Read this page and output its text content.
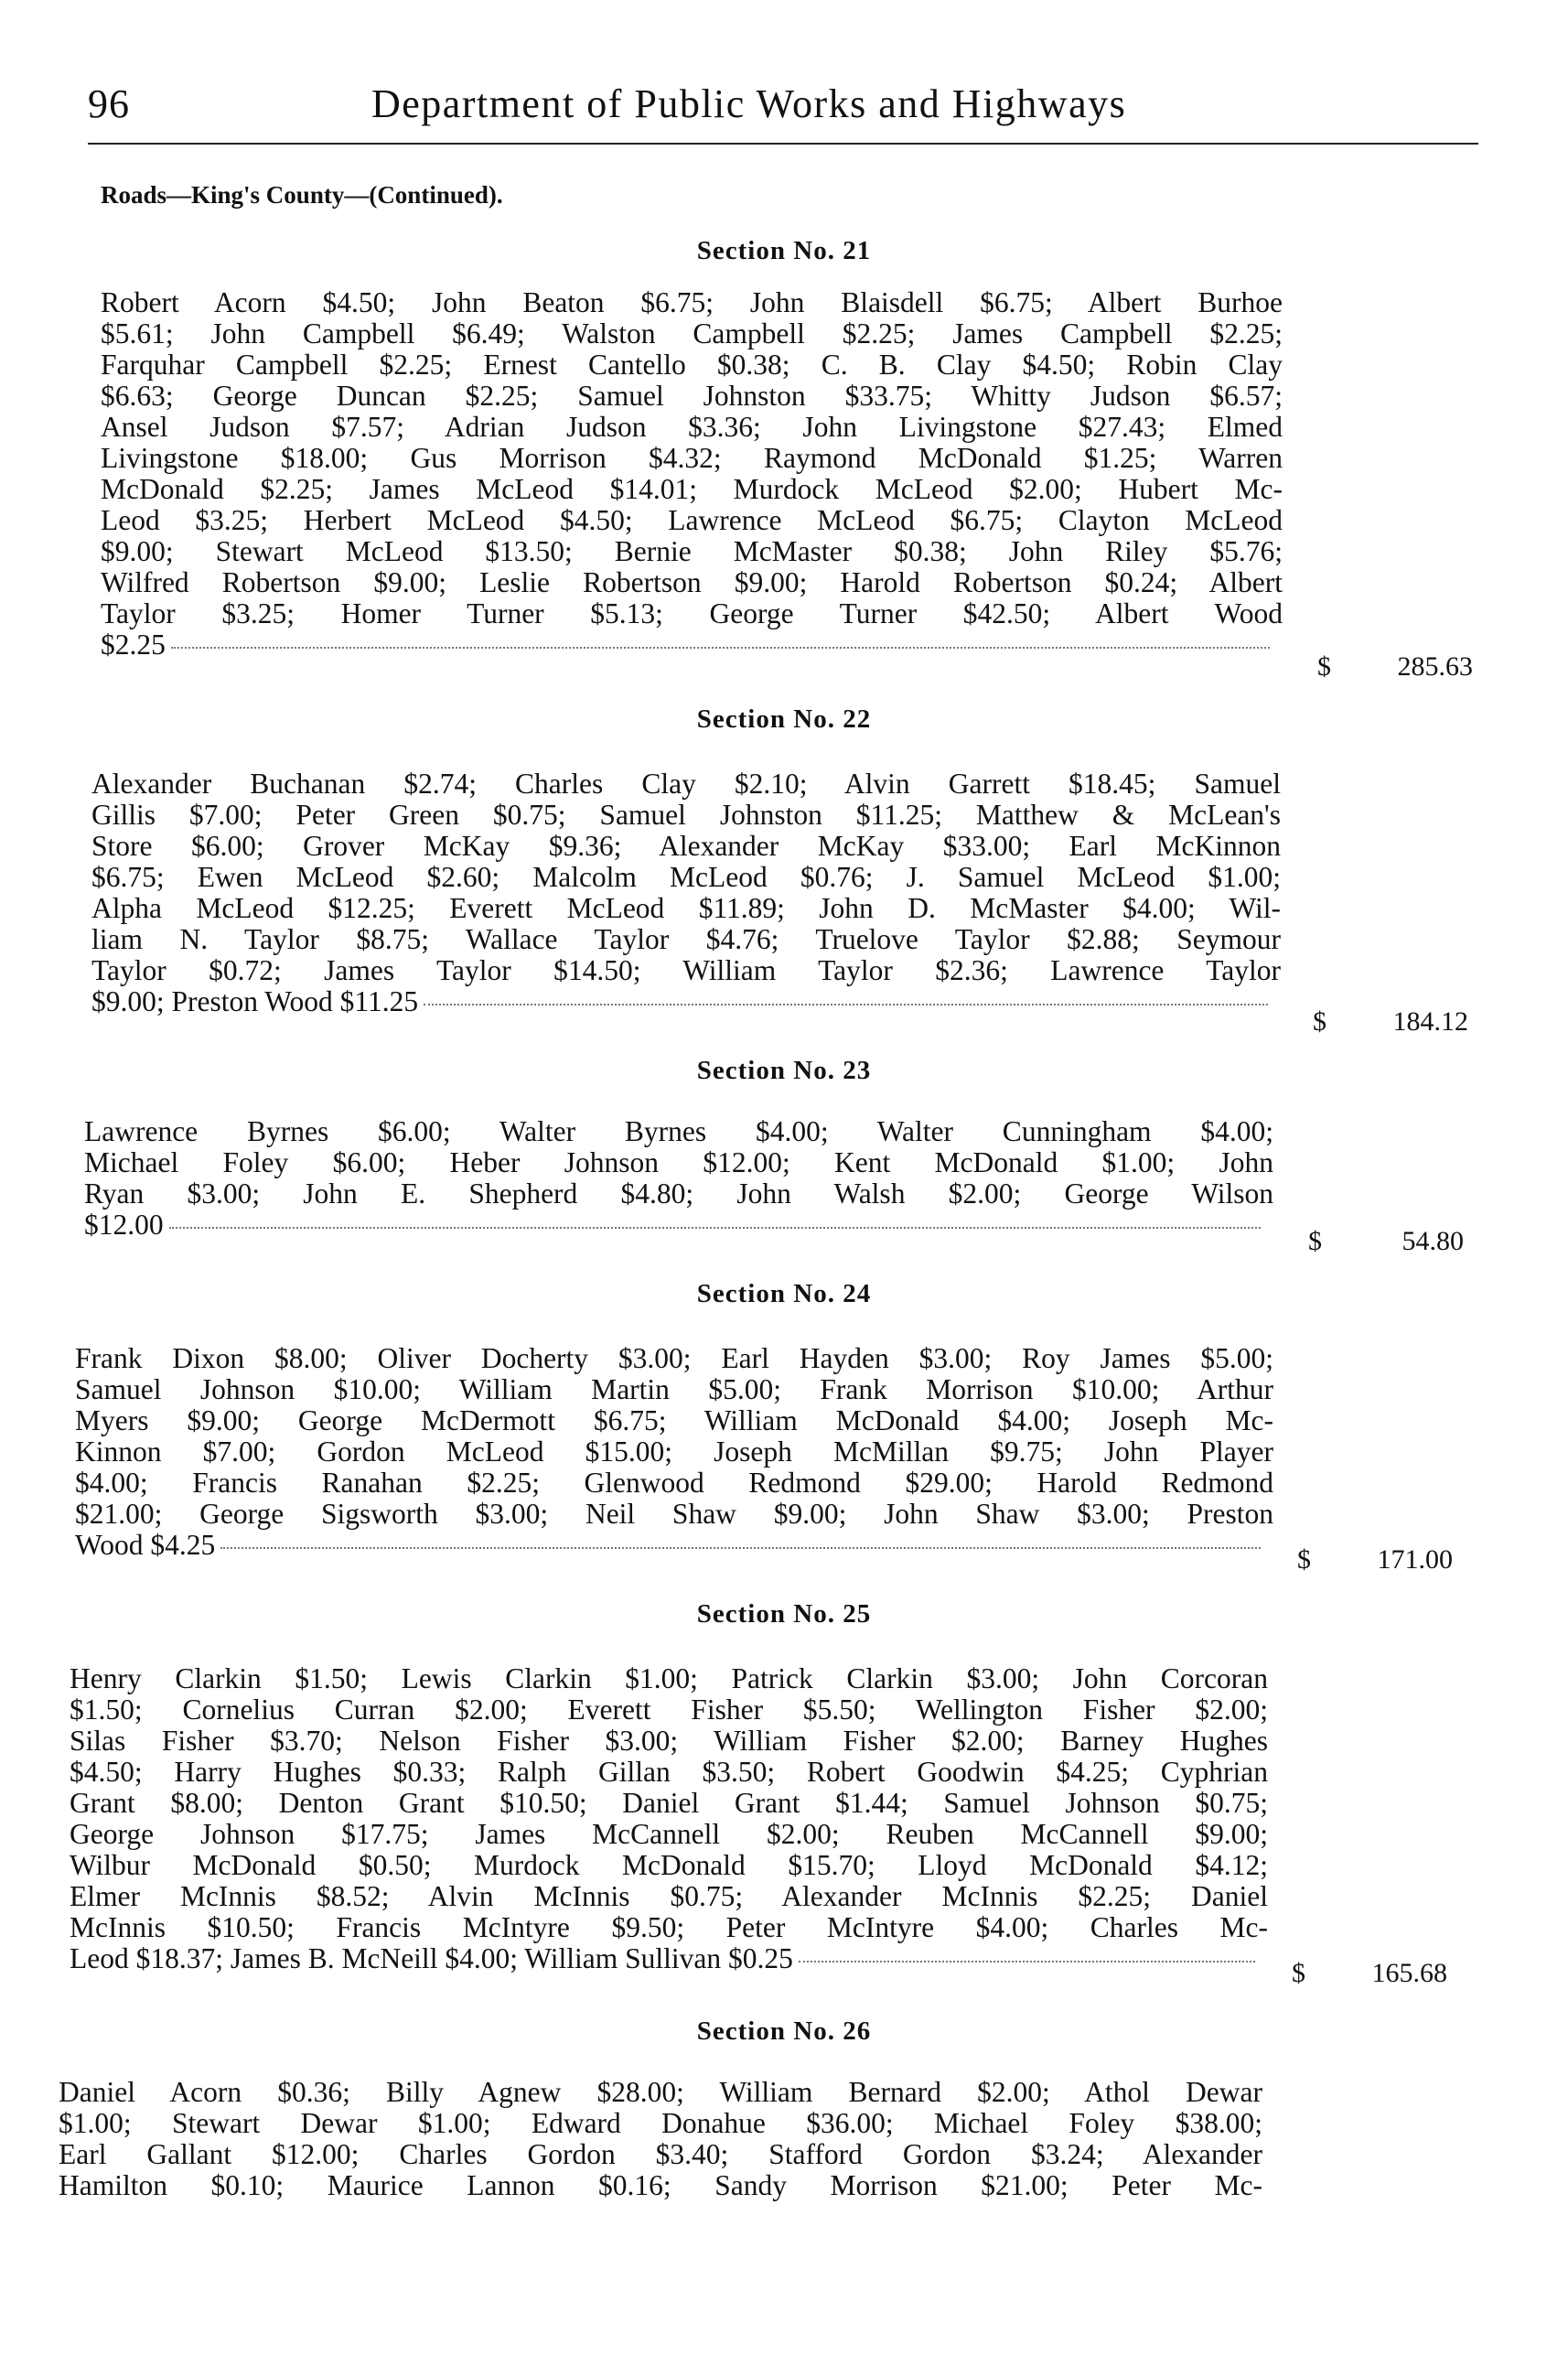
96	Department of Public Works and Highways
Roads—King's County—(Continued).
Section No. 21
Robert Acorn $4.50; John Beaton $6.75; John Blaisdell $6.75; Albert Burhoe
$5.61; John Campbell $6.49; Walston Campbell $2.25; James Campbell $2.25;
Farquhar Campbell $2.25; Ernest Cantello $0.38; C. B. Clay $4.50; Robin Clay
$6.63; George Duncan $2.25; Samuel Johnston $33.75; Whitty Judson $6.57;
Ansel Judson $7.57; Adrian Judson $3.36; John Livingstone $27.43; Elmed
Livingstone $18.00; Gus Morrison $4.32; Raymond McDonald $1.25; Warren
McDonald $2.25; James McLeod $14.01; Murdock McLeod $2.00; Hubert Mc-
Leod $3.25; Herbert McLeod $4.50; Lawrence McLeod $6.75; Clayton McLeod
$9.00; Stewart McLeod $13.50; Bernie McMaster $0.38; John Riley $5.76;
Wilfred Robertson $9.00; Leslie Robertson $9.00; Harold Robertson $0.24; Albert
Taylor $3.25; Homer Turner $5.13; George Turner $42.50; Albert Wood
$2.25
$	285.63
Section No. 22
Alexander Buchanan $2.74; Charles Clay $2.10; Alvin Garrett $18.45; Samuel
Gillis $7.00; Peter Green $0.75; Samuel Johnston $11.25; Matthew & McLean's
Store $6.00; Grover McKay $9.36; Alexander McKay $33.00; Earl McKinnon
$6.75; Ewen McLeod $2.60; Malcolm McLeod $0.76; J. Samuel McLeod $1.00;
Alpha McLeod $12.25; Everett McLeod $11.89; John D. McMaster $4.00; Wil-
liam N. Taylor $8.75; Wallace Taylor $4.76; Truelove Taylor $2.88; Seymour
Taylor $0.72; James Taylor $14.50; William Taylor $2.36; Lawrence Taylor
$9.00; Preston Wood $11.25
$	184.12
Section No. 23
Lawrence Byrnes $6.00; Walter Byrnes $4.00; Walter Cunningham $4.00;
Michael Foley $6.00; Heber Johnson $12.00; Kent McDonald $1.00; John
Ryan $3.00; John E. Shepherd $4.80; John Walsh $2.00; George Wilson
$12.00
$	54.80
Section No. 24
Frank Dixon $8.00; Oliver Docherty $3.00; Earl Hayden $3.00; Roy James $5.00;
Samuel Johnson $10.00; William Martin $5.00; Frank Morrison $10.00; Arthur
Myers $9.00; George McDermott $6.75; William McDonald $4.00; Joseph Mc-
Kinnon $7.00; Gordon McLeod $15.00; Joseph McMillan $9.75; John Player
$4.00; Francis Ranahan $2.25; Glenwood Redmond $29.00; Harold Redmond
$21.00; George Sigsworth $3.00; Neil Shaw $9.00; John Shaw $3.00; Preston
Wood $4.25	$	171.00
Section No. 25
Henry Clarkin $1.50; Lewis Clarkin $1.00; Patrick Clarkin $3.00; John Corcoran
$1.50; Cornelius Curran $2.00; Everett Fisher $5.50; Wellington Fisher $2.00;
Silas Fisher $3.70; Nelson Fisher $3.00; William Fisher $2.00; Barney Hughes
$4.50; Harry Hughes $0.33; Ralph Gillan $3.50; Robert Goodwin $4.25; Cyphrian
Grant $8.00; Denton Grant $10.50; Daniel Grant $1.44; Samuel Johnson $0.75;
George Johnson $17.75; James McCannell $2.00; Reuben McCannell $9.00;
Wilbur McDonald $0.50; Murdock McDonald $15.70; Lloyd McDonald $4.12;
Elmer McInnis $8.52; Alvin McInnis $0.75; Alexander McInnis $2.25; Daniel
McInnis $10.50; Francis McIntyre $9.50; Peter McIntyre $4.00; Charles Mc-
Leod $18.37; James B. McNeill $4.00; William Sullivan $0.25	$	165.68
Section No. 26
Daniel Acorn $0.36; Billy Agnew $28.00; William Bernard $2.00; Athol Dewar
$1.00; Stewart Dewar $1.00; Edward Donahue $36.00; Michael Foley $38.00;
Earl Gallant $12.00; Charles Gordon $3.40; Stafford Gordon $3.24; Alexander
Hamilton $0.10; Maurice Lannon $0.16; Sandy Morrison $21.00; Peter Mc-
